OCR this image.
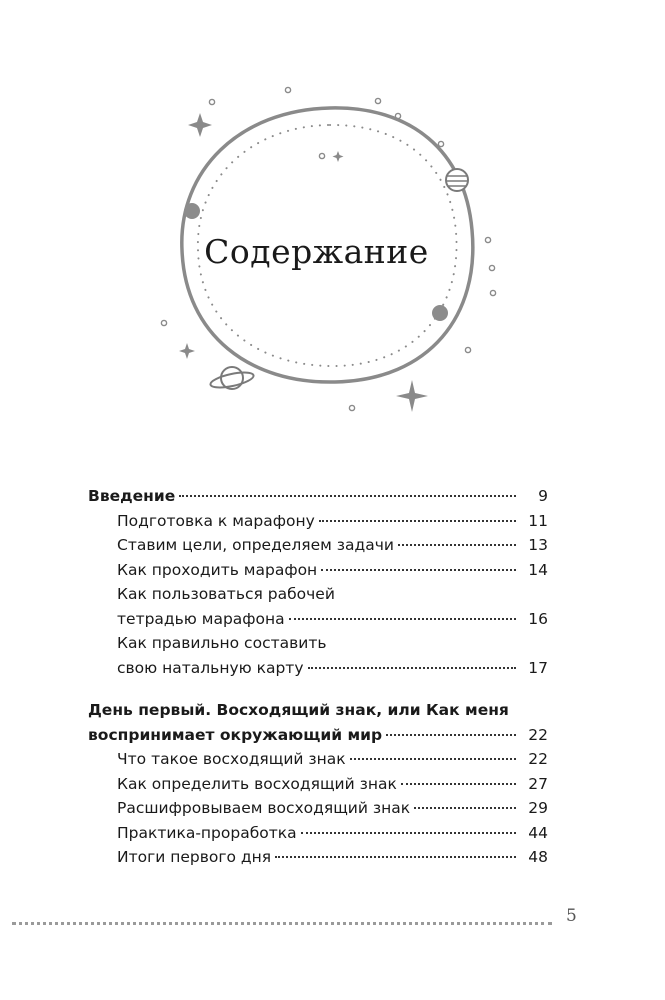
Содержание
Введение	9
Подготовка к марафону	11
Ставим цели, определяем задачи	13
Как проходить марафон	14
Как пользоваться рабочей
тетрадью марафона	16
Как правильно составить
свою натальную карту	17
День первый. Восходящий знак, или Как меня
воспринимает окружающий мир	22
Что такое восходящий знак	22
Как определить восходящий знак	27
Расшифровываем восходящий знак	29
Практика-проработка	44
Итоги первого дня	48
5
